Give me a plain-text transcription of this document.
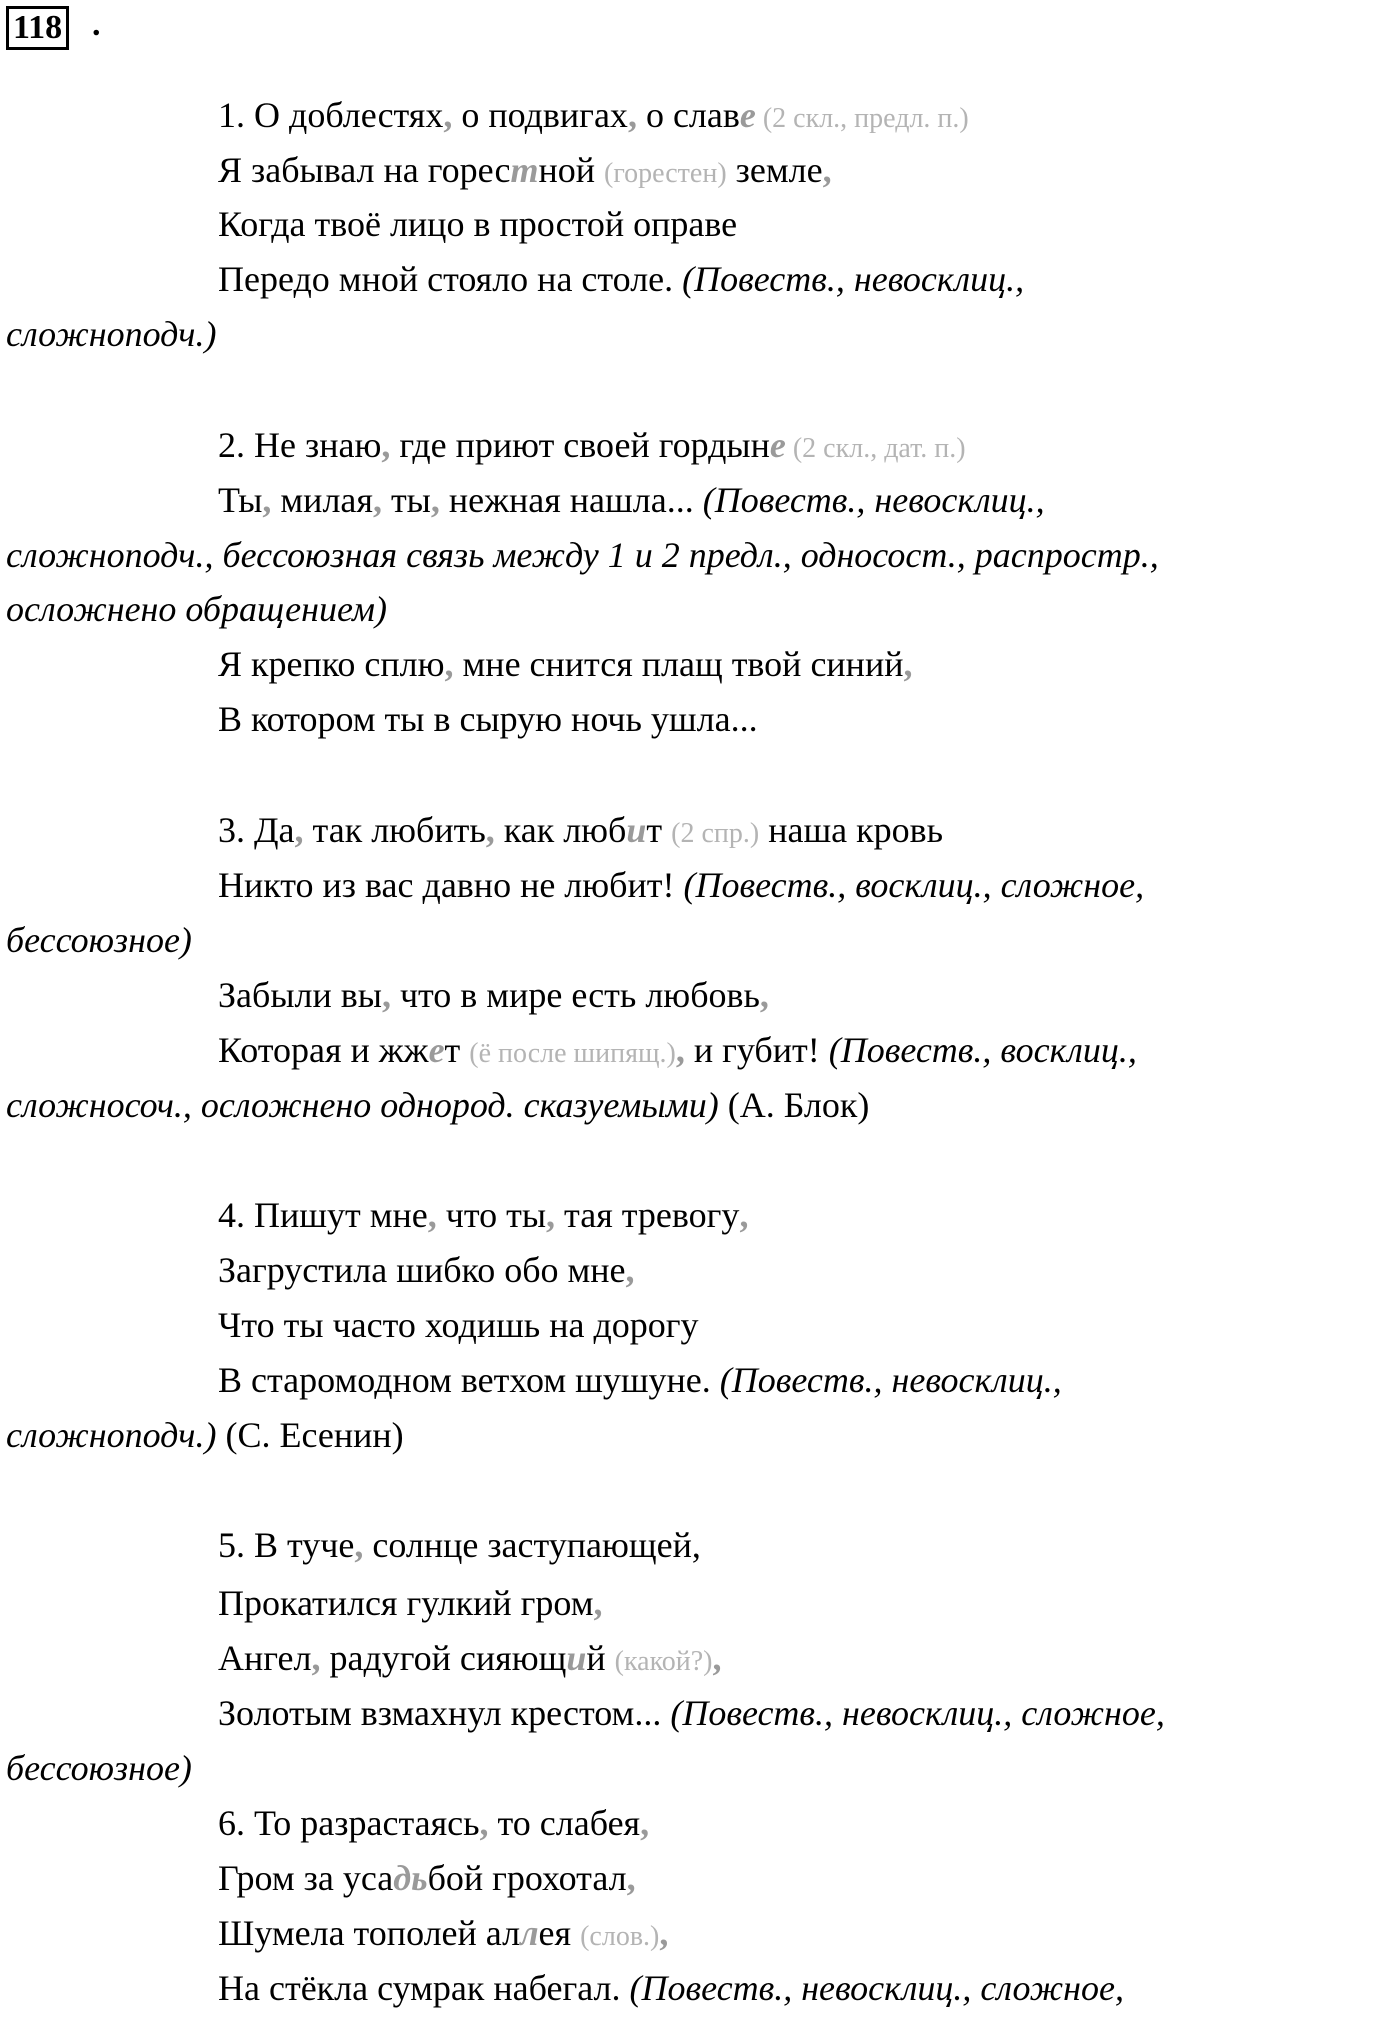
118 .
1. О доблестях, о подвигах, о славе (2 скл., предл. п.)
Я забывал на горестной (горестен) земле,
Когда твоё лицо в простой оправе
Передо мной стояло на столе. (Повеств., невосклиц.,
сложноподч.)
2. Не знаю, где приют своей гордыне (2 скл., дат. п.)
Ты, милая, ты, нежная нашла... (Повеств., невосклиц.,
сложноподч., бессоюзная связь между 1 и 2 предл., односост., распростр.,
осложнено обращением)
Я крепко сплю, мне снится плащ твой синий,
В котором ты в сырую ночь ушла...
3. Да, так любить, как любит (2 спр.) наша кровь
Никто из вас давно не любит! (Повеств., восклиц., сложное,
бессоюзное)
Забыли вы, что в мире есть любовь,
Которая и жжет (ё после шипящ.), и губит! (Повеств., восклиц.,
сложносоч., осложнено однород. сказуемыми) (А. Блок)
4. Пишут мне, что ты, тая тревогу,
Загрустила шибко обо мне,
Что ты часто ходишь на дорогу
В старомодном ветхом шушуне. (Повеств., невосклиц.,
сложноподч.) (С. Есенин)
5. В туче, солнце заступающей,
Прокатился гулкий гром,
Ангел, радугой сияющий (какой?),
Золотым взмахнул крестом... (Повеств., невосклиц., сложное,
бессоюзное)
6. То разрастаясь, то слабея,
Гром за усадьбой грохотал,
Шумела тополей аллея (слов.),
На стёкла сумрак набегал. (Повеств., невосклиц., сложное,
